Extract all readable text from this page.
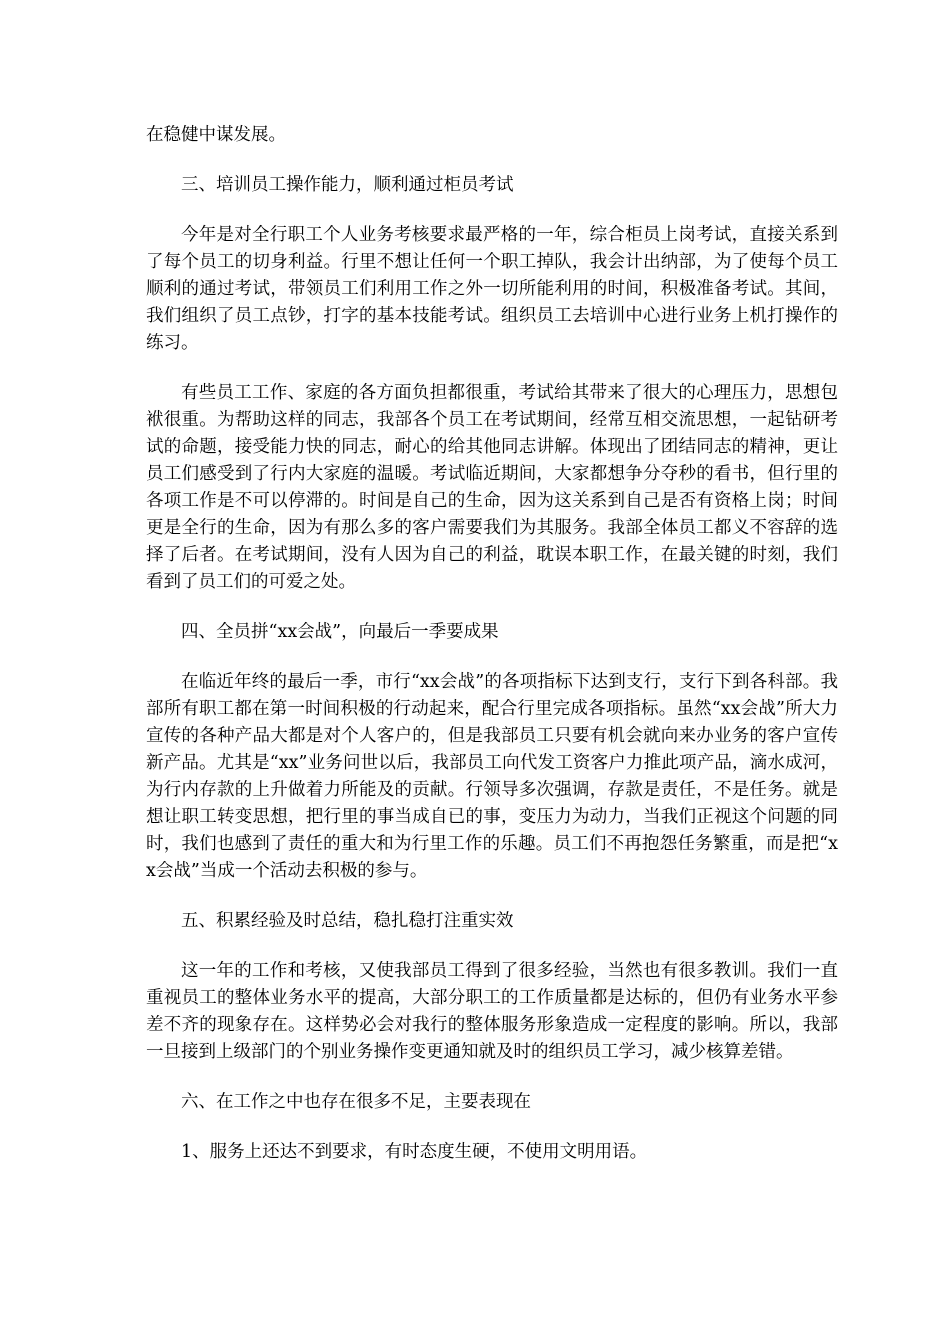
在稳健中谋发展。

三、培训员工操作能力，顺利通过柜员考试

今年是对全行职工个人业务考核要求最严格的一年，综合柜员上岗考试，直接关系到了每个员工的切身利益。行里不想让任何一个职工掉队，我会计出纳部，为了使每个员工顺利的通过考试，带领员工们利用工作之外一切所能利用的时间，积极准备考试。其间，我们组织了员工点钞，打字的基本技能考试。组织员工去培训中心进行业务上机打操作的练习。

有些员工工作、家庭的各方面负担都很重，考试给其带来了很大的心理压力，思想包袱很重。为帮助这样的同志，我部各个员工在考试期间，经常互相交流思想，一起钻研考试的命题，接受能力快的同志，耐心的给其他同志讲解。体现出了团结同志的精神，更让员工们感受到了行内大家庭的温暖。考试临近期间，大家都想争分夺秒的看书，但行里的各项工作是不可以停滞的。时间是自己的生命，因为这关系到自己是否有资格上岗；时间更是全行的生命，因为有那么多的客户需要我们为其服务。我部全体员工都义不容辞的选择了后者。在考试期间，没有人因为自己的利益，耽误本职工作，在最关键的时刻，我们看到了员工们的可爱之处。

四、全员拼“xx会战”，向最后一季要成果

在临近年终的最后一季，市行“xx会战”的各项指标下达到支行，支行下到各科部。我部所有职工都在第一时间积极的行动起来，配合行里完成各项指标。虽然“xx会战”所大力宣传的各种产品大都是对个人客户的，但是我部员工只要有机会就向来办业务的客户宣传新产品。尤其是“xx”业务问世以后，我部员工向代发工资客户力推此项产品，滴水成河，为行内存款的上升做着力所能及的贡献。行领导多次强调，存款是责任，不是任务。就是想让职工转变思想，把行里的事当成自已的事，变压力为动力，当我们正视这个问题的同时，我们也感到了责任的重大和为行里工作的乐趣。员工们不再抱怨任务繁重，而是把“xx会战”当成一个活动去积极的参与。

五、积累经验及时总结，稳扎稳打注重实效

这一年的工作和考核，又使我部员工得到了很多经验，当然也有很多教训。我们一直重视员工的整体业务水平的提高，大部分职工的工作质量都是达标的，但仍有业务水平参差不齐的现象存在。这样势必会对我行的整体服务形象造成一定程度的影响。所以，我部一旦接到上级部门的个别业务操作变更通知就及时的组织员工学习，减少核算差错。

六、在工作之中也存在很多不足，主要表现在

1、服务上还达不到要求，有时态度生硬，不使用文明用语。
